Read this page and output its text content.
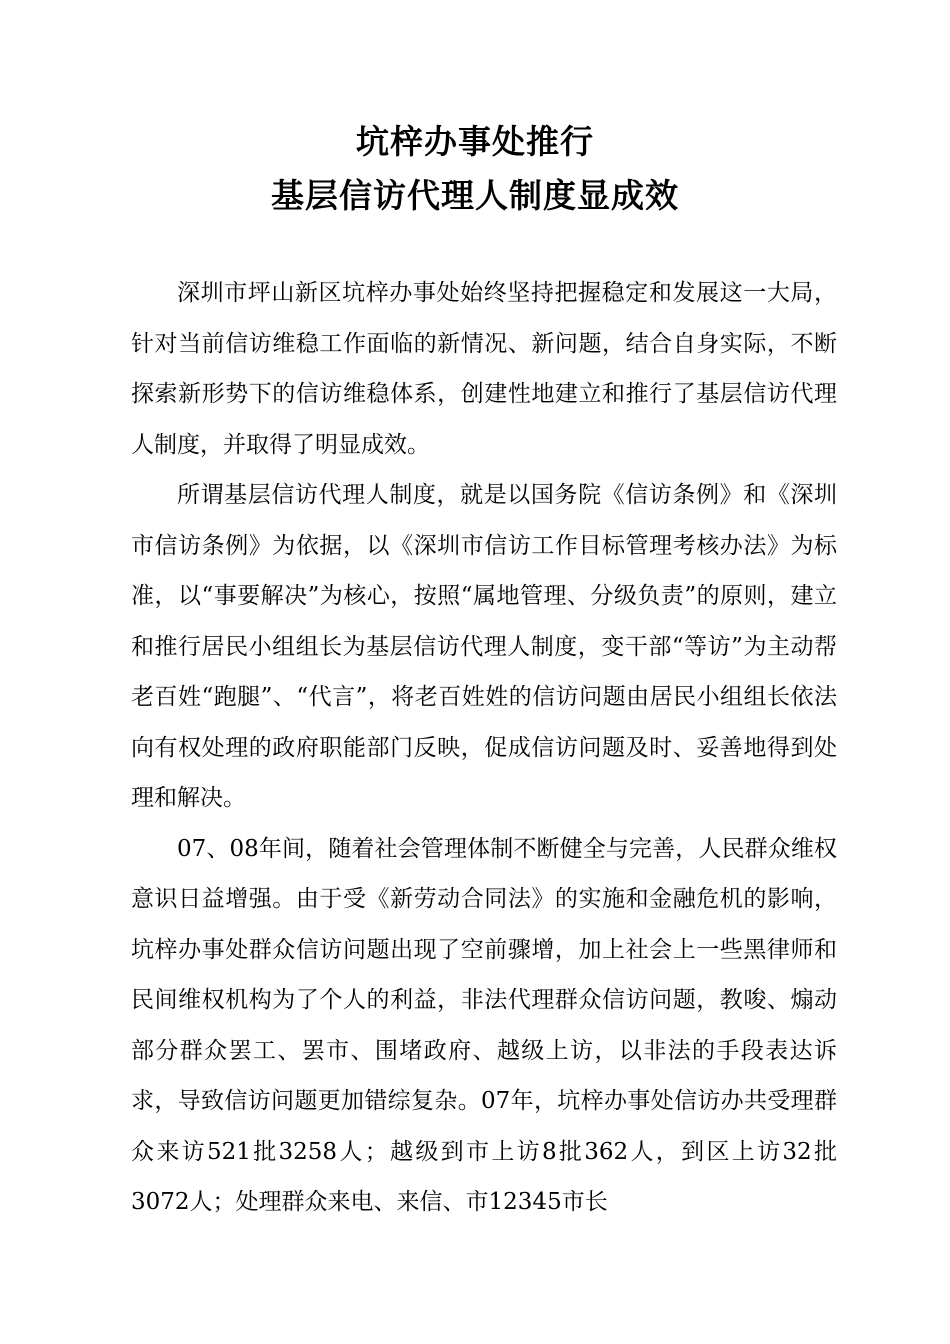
坑梓办事处推行
基层信访代理人制度显成效

深圳市坪山新区坑梓办事处始终坚持把握稳定和发展这一大局，针对当前信访维稳工作面临的新情况、新问题，结合自身实际，不断探索新形势下的信访维稳体系，创建性地建立和推行了基层信访代理人制度，并取得了明显成效。

所谓基层信访代理人制度，就是以国务院《信访条例》和《深圳市信访条例》为依据，以《深圳市信访工作目标管理考核办法》为标准，以“事要解决”为核心，按照“属地管理、分级负责”的原则，建立和推行居民小组组长为基层信访代理人制度，变干部“等访”为主动帮老百姓“跑腿”、“代言”，将老百姓姓的信访问题由居民小组组长依法向有权处理的政府职能部门反映，促成信访问题及时、妥善地得到处理和解决。

07、08年间，随着社会管理体制不断健全与完善，人民群众维权意识日益增强。由于受《新劳动合同法》的实施和金融危机的影响，坑梓办事处群众信访问题出现了空前骤增，加上社会上一些黑律师和民间维权机构为了个人的利益，非法代理群众信访问题，教唆、煽动部分群众罢工、罢市、围堵政府、越级上访，以非法的手段表达诉求，导致信访问题更加错综复杂。07年，坑梓办事处信访办共受理群众来访521批3258人；越级到市上访8批362人，到区上访32批3072人；处理群众来电、来信、市12345市长
